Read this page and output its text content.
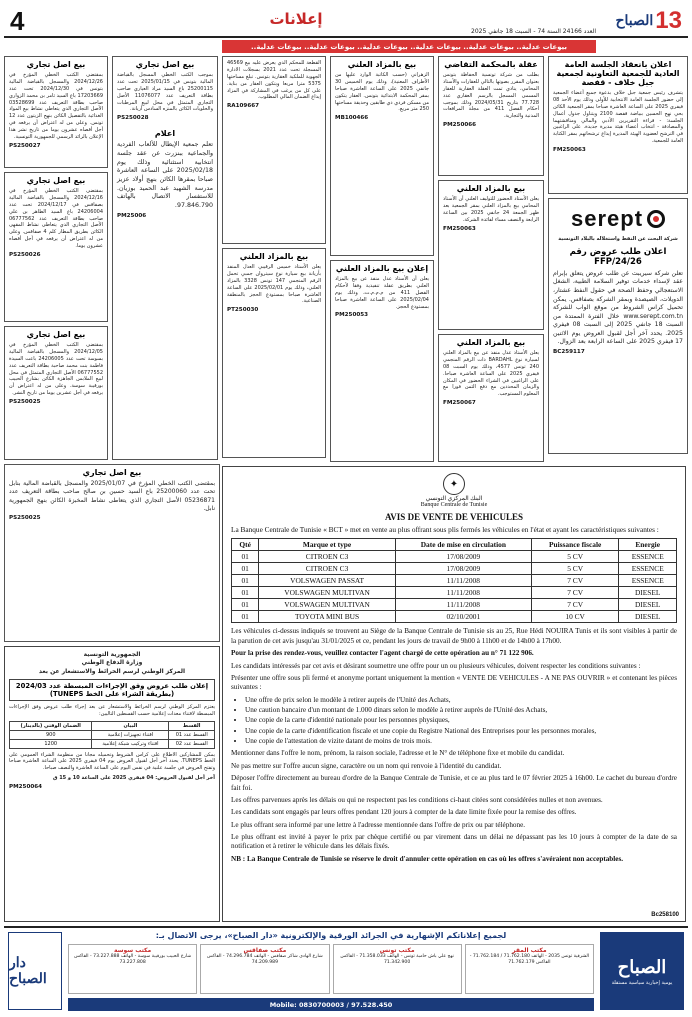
4	إعلانات
العدد 24166 السنة 74 - السبت 18 جانفي 2025
الصباح 13
بيوعات عدلية.. بيوعات عدلية.. بيوعات عدلية.. بيوعات عدلية.. بيوعات عدلية.. بيوعات عدلية..
اعلان بانعقاد الجلسة العامة العادية للجمعية التعاونية لجمعية جبل خلاف - قفصة
يتشرف رئيس جمعية جبل خلاف بدعوة جميع أعضاء الجمعية إلى حضور الجلسة العامة الانتخابية للأولى وذلك يوم الأحد 08 فيفري 2025 على الساعة العاشرة صباحا بمقر الجمعية الكائن بحي نهج الحسين ببياضة قفصة 2100 ويتناول جدول أعمال الجلسة: - قراءة التقريرين الأدبي والمالي ومناقشتهما والمصادقة - انتخاب أعضاء هيئة مديرة جديدة. على الراغبين في الترشح لعضوية الهيئة المديرة إيداع ترشحاتهم بمقر الكتابة العامة للجمعية.
FM250063
serept
شركة البحث عن النفط واستغلاله بالبلاد التونسية
اعلان طلب عروض رقم FFP/24/26
تعلن شركة سيريبت عن طلب عروض يتعلق بإبرام عقد لإسداء خدمات توفير السلامة الطبية، الشغل الاستعجالي وحفظ الصحة في حقول النفط عشتار، الدويلات، الصيصدة وبمقر الشركة بصفاقس. يمكن تحميل كراس الشروط من موقع الواب للشركة www.serept.com.tn خلال الفترة الممتدة من السبت 18 جانفي 2025 إلى السبت 08 فيفري 2025. يحدد آخر أجل لقبول العروض يوم الاثنين 17 فيفري 2025 على الساعة الرابعة بعد الزوال.
BC259117
عقلة بالمحكمة التقاضي
بطلب من شركة تونسية الحفاظة بتونس بعنوان المقرر بصوتها بالتالي للعقارات والأستاذ المحامي، ينادي تمت العقلة العقارية للعقار المسمى المسجل بالرسم العقاري عدد 77.728 بتاريخ 2024/05/31 وذلك بموجب أحكام الفصل 411 من مجلة المرافعات المدنية والتجارية.
PM250066
بيع بالمزاد العلني
يعلن الأستاذ الحضور للتوليف العلني أن الأستاذ المحامي بيع بالمزاد العلني بمقر الجمعية بعد ظهر الجمعة 24 جانفي 2025 بين الساعة الرابعة والنصف مساء لفائدة الشركة.
FM250063
بيع بالمزاد العلني
يعلن الأستاذ عدل منفذ عن بيع بالمزاد العلني لسيارة نوع BARDAHL ذات الرقم المنجمي 240 تونس 4577، وذلك يوم السبت 08 فيفري 2025 على الساعة العاشرة صباحا. على الراغبين في الشراء الحضور في المكان والزمان المحددين مع دفع الثمن فورا مع المعلوم المستوجب.
FM250067
بيع بالمزاد العلني
الزهراني (حسب الكاتبة الوارد عليها من الأطراف المعنية)، وذلك يوم الخميس 30 جانفي 2025 على الساعة العاشرة صباحا بمقر المحكمة الابتدائية بتونس. العقار يتكون من مسكن فردي ذي طابقين وحديقة مساحتها 250 متر مربع.
MB100466
إعلان بيع بالمزاد العلني
يعلن أن الأستاذ عدل منفذ عن بيع بالمزاد العلني بطريق عقلة تنفيذية وفقا لأحكام الفصل 411 من م.م.م.ت، وذلك يوم 2025/02/04 على الساعة العاشرة صباحا بمستودع الحجز.
PM250053
القطعة للمحكم الذي يعرض عليه بيع 46569 المسجلة تحت عدد 2021 بسجلات الادارة الجهوية للملكية العقارية بتونس. تبلغ مساحتها 5375 مترا مربعا ويتكون العقار من بناية. على كل من يرغب في المشاركة في المزاد إيداع الضمان المالي المطلوب.
RA109667
بيع بالمزاد العلني
يعلن الأستاذ خميس الرقيبي العدل المنفذ بأريانة بيع سيارة نوع سيتروان جمبي تحمل الرقم المنجمي 147 تونس 3328 بالمزاد العلني، وذلك يوم 2025/02/01 على الساعة العاشرة صباحا بمستودع الحجز بالمنطقة الصناعية.
PT250030
بيع اصل تجاري
بموجب الكتب الخطي المسجل بالقباضة المالية بتونس في 2025/01/15 تحت عدد 25200115 باع السيد مراد العياري صاحب بطاقة التعريف عدد 11076077 الأصل التجاري المتمثل في محل لبيع المرطبات والحلويات الكائن بالمنزه السادس أريانة.
PS250028
اعلام
تعلم جمعية الإيطال للألعاب الفردية والجماعية ببنزرت عن عقد جلسة انتخابية استثنائية وذلك يوم 2025/02/18 على الساعة العاشرة صباحا بمقرها الكائن بنهج أولاد عزيز مدرسة الشهيد عبد الحميد بوزيان. للاستفسار الاتصال بالهاتف 97.846.790.
PM25006
بيع اصل تجاري
بمقتضى الكتب الخطي المؤرخ في 2024/12/26 والمسجل بالقباضة المالية بتونس في 2024/12/30 تحت عدد 17203669 باع السيد ثامر بن محمد الزواري صاحب بطاقة التعريف عدد 03528699 الأصل التجاري الذي يتعاطى نشاط بيع المواد الغذائية بالتفصيل الكائن بنهج الزيتون عدد 12 تونس. وعلى من له اعتراض أن يرفعه في أجل أقصاه عشرون يوما من تاريخ نشر هذا الإعلان بالرائد الرسمي للجمهورية التونسية.
PS250027
بيع اصل تجاري
بمقتضى الكتب الخطي المؤرخ في 2024/12/16 والمسجل بالقباضة المالية بصفاقس في 2024/12/17 تحت عدد 24206004 باع السيد الطاهر بن علي صاحب بطاقة التعريف عدد 06777562 الأصل التجاري الذي يتعاطى نشاط المقهى الكائن بطريق المطار كلم 4 صفاقس. وعلى من له اعتراض أن يرفعه في أجل أقصاه عشرون يوما.
PS250026
بيع اصل تجاري
بمقتضى الكتب الخطي المؤرخ في 2024/12/05 والمسجل بالقباضة المالية بسوسة تحت عدد 24206005 باعت السيدة فاطمة بنت محمد صاحبة بطاقة التعريف عدد 06777552 الأصل التجاري المتمثل في محل لبيع الملابس الجاهزة الكائن بشارع الحبيب بورقيبة سوسة. وعلى من له اعتراض أن يرفعه في أجل عشرين يوما من تاريخ النشر.
PS250025
بيع اصل تجاري
بمقتضى الكتب الخطي المؤرخ في 2025/01/07 والمسجل بالقباضة المالية بنابل تحت عدد 25200060 باع السيد حسين بن صالح صاحب بطاقة التعريف عدد 05236871 الأصل التجاري الذي يتعاطى نشاط المخبزة الكائن بنهج الجمهورية نابل.
PS250025
الجمهورية التونسية
وزارة الدفاع الوطني
المركز الوطني لرسم الخرائط والاستشعار عن بعد
إعلان طلب عروض وفق الإجراءات المبسطة عدد 2024/03 (بطريقة الشراء على الخط TUNEPS)
يعتزم المركز الوطني لرسم الخرائط والاستشعار عن بعد إجراء طلب عروض وفق الإجراءات المبسطة لاقتناء معدات إعلامية حسب القسطين التاليين:
القسط	البيان	الضمان الوقتي (بالدينار)
القسط عدد 01	اقتناء تجهيزات إعلامية	900
القسط عدد 02	اقتناء وتركيب شبكة إعلامية	1200
يمكن للمشاركين الاطلاع على كراس الشروط وتحميله مجانا من منظومة الشراء العمومي على الخط TUNEPS. يحدد آخر أجل لقبول العروض يوم 04 فيفري 2025 على الساعة العاشرة صباحا وتفتح العروض في جلسة علنية في نفس اليوم على الساعة العاشرة والنصف صباحا.
آخر أجل لقبول العروض: 04 فيفري 2025 على الساعة 10 و 15 ق
PM250064
✦
البنك المركزي التونسي
Banque Centrale de Tunisie
AVIS DE VENTE DE VEHICULES
La Banque Centrale de Tunisie « BCT » met en vente au plus offrant sous plis fermés les véhicules en l'état et ayant les caractéristiques suivantes :
Qté	Marque et type	Date de mise en circulation	Puissance fiscale	Energie
01	CITROEN C3	17/08/2009	5 CV	ESSENCE
01	CITROEN C3	17/08/2009	5 CV	ESSENCE
01	VOLSWAGEN PASSAT	11/11/2008	7 CV	ESSENCE
01	VOLSWAGEN MULTIVAN	11/11/2008	7 CV	DIESEL
01	VOLSWAGEN MULTIVAN	11/11/2008	7 CV	DIESEL
01	TOYOTA MINI BUS	02/10/2001	10 CV	DIESEL

Les véhicules ci-dessus indiqués se trouvent au Siège de la Banque Centrale de Tunisie sis au 25, Rue Hédi NOUIRA Tunis et ils sont visibles à partir de la parution de cet avis jusqu'au 31/01/2025 et ce, pendant les jours de travail de 9h00 à 11h00 et de 14h00 à 17h00.

Pour la prise des rendez-vous, veuillez contacter l'agent chargé de cette opération au n° 71 122 906.

Les candidats intéressés par cet avis et désirant soumettre une offre pour un ou plusieurs véhicules, doivent respecter les conditions suivantes :

Présenter une offre sous pli fermé et anonyme portant uniquement la mention « VENTE DE VEHICULES - A NE PAS OUVRIR » et contenant les pièces suivantes :

• Une offre de prix selon le modèle à retirer auprès de l'Unité des Achats,
• Une caution bancaire d'un montant de 1.000 dinars selon le modèle à retirer auprès de l'Unité des Achats,
• Une copie de la carte d'identité nationale pour les personnes physiques,
• Une copie de la carte d'identification fiscale et une copie du Registre National des Entreprises pour les personnes morales,
• Une copie de l'attestation de vizite datant de moins de trois mois.

Mentionner dans l'offre le nom, prénom, la raison sociale, l'adresse et le N° de téléphone fixe et mobile du candidat.

Ne pas mettre sur l'offre aucun signe, caractère ou un nom qui renvoie à l'identité du candidat.

Déposer l'offre directement au bureau d'ordre de la Banque Centrale de Tunisie, et ce au plus tard le 07 février 2025 à 16h00. Le cachet du bureau d'ordre fait foi.

Les offres parvenues après les délais ou qui ne respectent pas les conditions ci-haut citées sont considérées nulles et non avenues.

Les candidats sont engagés par leurs offres pendant 120 jours à compter de la date limite fixée pour la remise des offres.

Le plus offrant sera informé par une lettre à l'adresse mentionnée dans l'offre de prix ou par téléphone.

Le plus offrant est invité à payer le prix par chèque certifié ou par virement dans un délai ne dépassant pas les 10 jours à compter de la date de sa notification et à retirer le véhicule dans les délais fixés.

NB : La Banque Centrale de Tunisie se réserve le droit d'annuler cette opération en cas où les offres s'avéraient non acceptables.

Bc258100
الصباح
يومية إخبارية سياسية مستقلة
لجميع إعلاناتكم الإشهارية في الجرائد الورقية والإلكترونية «دار الصباح»، يرجى الاتصال بـ:
مكتب المقر
الشرقية تونس 2035 - الهاتف 71.762.180 / 71.762.184 - الفاكس 71.762.179
مكتب تونس
نهج علي باش حامبة تونس - الهاتف 71.358.033 - الفاكس 71.342.900
مكتب صفاقس
شارع الهادي شاكر صفاقس - الهاتف 74.296.784 - الفاكس 74.209.989
مكتب سوسة
شارع الحبيب بورقيبة سوسة - الهاتف 73.227.888 - الفاكس 73.227.808
Mobile: 0830700003 / 97.528.450
دار الصباح
